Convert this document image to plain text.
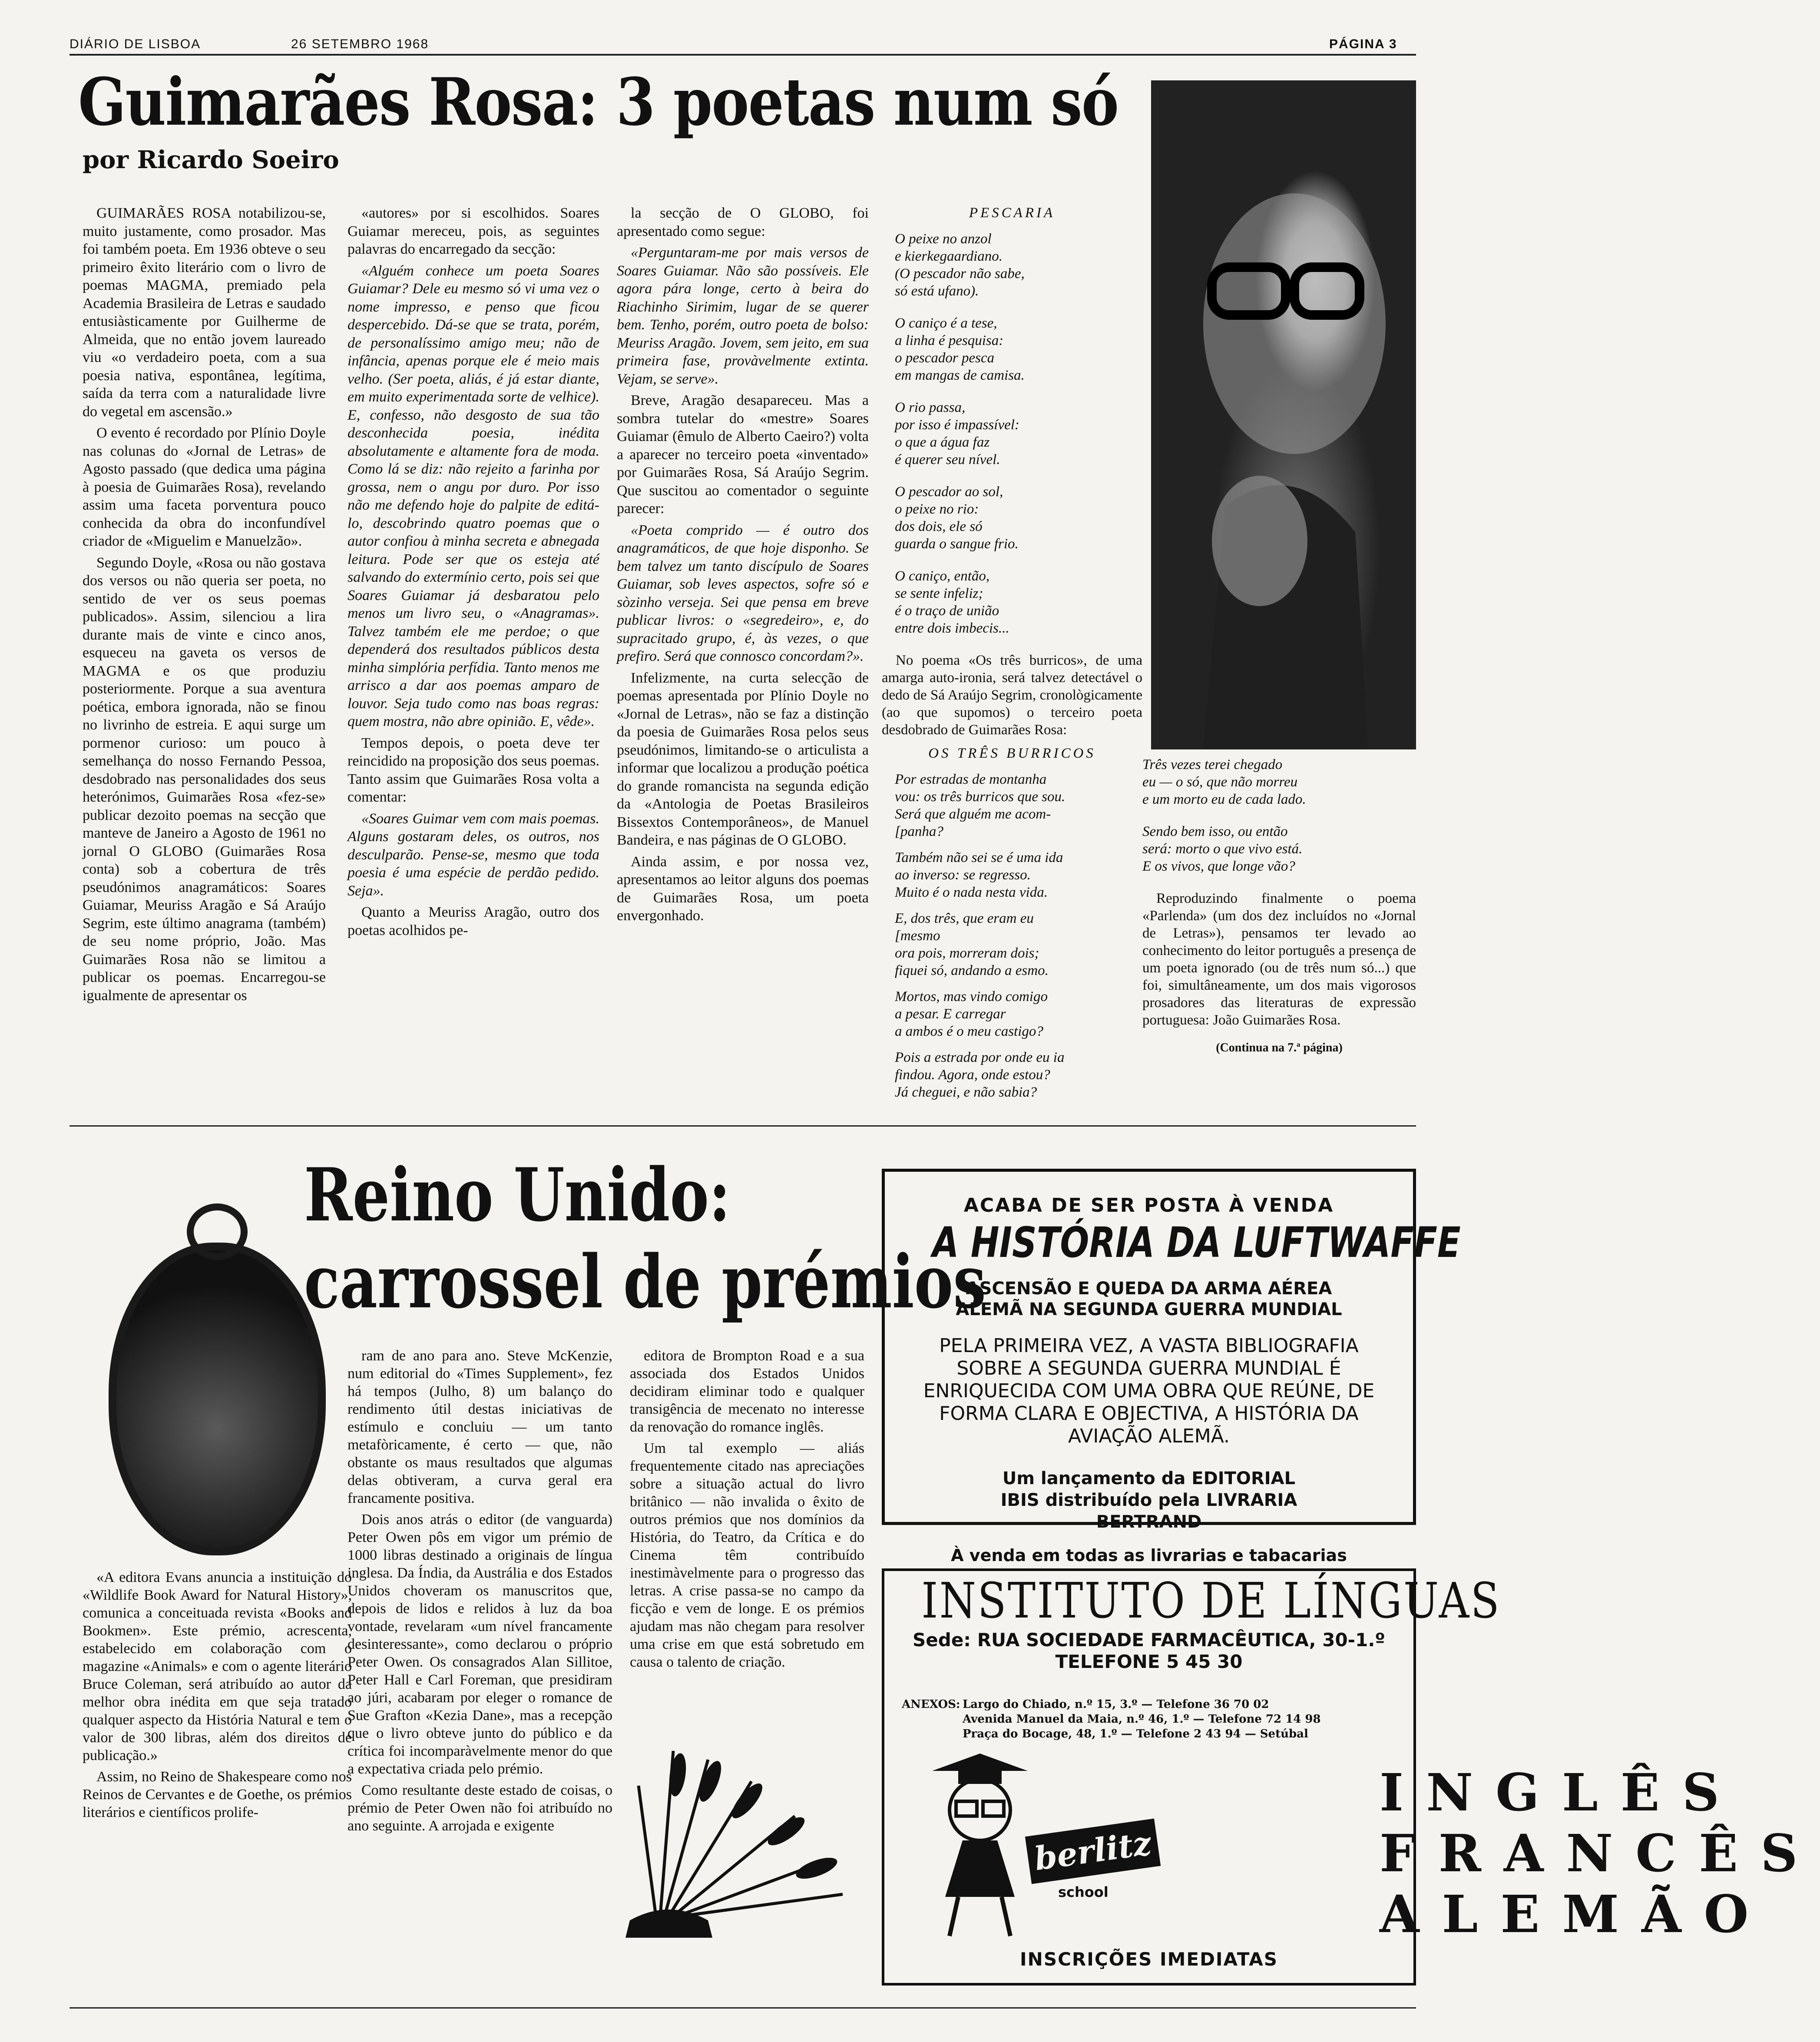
DIÁRIO DE LISBOA	26 SETEMBRO 1968	PÁGINA 3
Guimarães Rosa: 3 poetas num só
por Ricardo Soeiro

GUIMARÃES ROSA notabilizou-se, muito justamente, como prosador. Mas foi também poeta. Em 1936 obteve o seu primeiro êxito literário com o livro de poemas MAGMA, premiado pela Academia Brasileira de Letras e saudado entusiàsticamente por Guilherme de Almeida, que no então jovem laureado viu «o verdadeiro poeta, com a sua poesia nativa, espontânea, legítima, saída da terra com a naturalidade livre do vegetal em ascensão.»

O evento é recordado por Plínio Doyle nas colunas do «Jornal de Letras» de Agosto passado (que dedica uma página à poesia de Guimarães Rosa), revelando assim uma faceta porventura pouco conhecida da obra do inconfundível criador de «Miguelim e Manuelzão».

Segundo Doyle, «Rosa ou não gostava dos versos ou não queria ser poeta, no sentido de ver os seus poemas publicados». Assim, silenciou a lira durante mais de vinte e cinco anos, esqueceu na gaveta os versos de MAGMA e os que produziu posteriormente. Porque a sua aventura poética, embora ignorada, não se finou no livrinho de estreia. E aqui surge um pormenor curioso: um pouco à semelhança do nosso Fernando Pessoa, desdobrado nas personalidades dos seus heterónimos, Guimarães Rosa «fez-se» publicar dezoito poemas na secção que manteve de Janeiro a Agosto de 1961 no jornal O GLOBO (Guimarães Rosa conta) sob a cobertura de três pseudónimos anagramáticos: Soares Guiamar, Meuriss Aragão e Sá Araújo Segrim, este último anagrama (também) de seu nome próprio, João. Mas Guimarães Rosa não se limitou a publicar os poemas. Encarregou-se igualmente de apresentar os

«autores» por si escolhidos. Soares Guiamar mereceu, pois, as seguintes palavras do encarregado da secção:

«Alguém conhece um poeta Soares Guiamar? Dele eu mesmo só vi uma vez o nome impresso, e penso que ficou despercebido. Dá-se que se trata, porém, de personalíssimo amigo meu; não de infância, apenas porque ele é meio mais velho. (Ser poeta, aliás, é já estar diante, em muito experimentada sorte de velhice). E, confesso, não desgosto de sua tão desconhecida poesia, inédita absolutamente e altamente fora de moda. Como lá se diz: não rejeito a farinha por grossa, nem o angu por duro. Por isso não me defendo hoje do palpite de editá-lo, descobrindo quatro poemas que o autor confiou à minha secreta e abnegada leitura. Pode ser que os esteja até salvando do extermínio certo, pois sei que Soares Guiamar já desbaratou pelo menos um livro seu, o «Anagramas». Talvez também ele me perdoe; o que dependerá dos resultados públicos desta minha simplória perfídia. Tanto menos me arrisco a dar aos poemas amparo de louvor. Seja tudo como nas boas regras: quem mostra, não abre opinião. E, vêde».

Tempos depois, o poeta deve ter reincidido na proposição dos seus poemas. Tanto assim que Guimarães Rosa volta a comentar:

«Soares Guimar vem com mais poemas. Alguns gostaram deles, os outros, nos desculparão. Pense-se, mesmo que toda poesia é uma espécie de perdão pedido. Seja».

Quanto a Meuriss Aragão, outro dos poetas acolhidos pe-

la secção de O GLOBO, foi apresentado como segue:

«Perguntaram-me por mais versos de Soares Guiamar. Não são possíveis. Ele agora pára longe, certo à beira do Riachinho Sirimim, lugar de se querer bem. Tenho, porém, outro poeta de bolso: Meuriss Aragão. Jovem, sem jeito, em sua primeira fase, provàvelmente extinta. Vejam, se serve».

Breve, Aragão desapareceu. Mas a sombra tutelar do «mestre» Soares Guiamar (êmulo de Alberto Caeiro?) volta a aparecer no terceiro poeta «inventado» por Guimarães Rosa, Sá Araújo Segrim. Que suscitou ao comentador o seguinte parecer:

«Poeta comprido — é outro dos anagramáticos, de que hoje disponho. Se bem talvez um tanto discípulo de Soares Guiamar, sob leves aspectos, sofre só e sòzinho verseja. Sei que pensa em breve publicar livros: o «segredeiro», e, do supracitado grupo, é, às vezes, o que prefiro. Será que connosco concordam?».

Infelizmente, na curta selecção de poemas apresentada por Plínio Doyle no «Jornal de Letras», não se faz a distinção da poesia de Guimarães Rosa pelos seus pseudónimos, limitando-se o articulista a informar que localizou a produção poética do grande romancista na segunda edição da «Antologia de Poetas Brasileiros Bissextos Contemporâneos», de Manuel Bandeira, e nas páginas de O GLOBO.

Ainda assim, e por nossa vez, apresentamos ao leitor alguns dos poemas de Guimarães Rosa, um poeta envergonhado.

PESCARIA

O peixe no anzol
e kierkegaardiano.
(O pescador não sabe,
só está ufano).

O caniço é a tese,
a linha é pesquisa:
o pescador pesca
em mangas de camisa.

O rio passa,
por isso é impassível:
o que a água faz
é querer seu nível.

O pescador ao sol,
o peixe no rio:
dos dois, ele só
guarda o sangue frio.

O caniço, então,
se sente infeliz;
é o traço de união
entre dois imbecis...

No poema «Os três burricos», de uma amarga auto-ironia, será talvez detectável o dedo de Sá Araújo Segrim, cronològicamente (ao que supomos) o terceiro poeta desdobrado de Guimarães Rosa:

OS TRÊS BURRICOS

Por estradas de montanha
vou: os três burricos que sou.
Será que alguém me acom-
[panha?

Também não sei se é uma ida
ao inverso: se regresso.
Muito é o nada nesta vida.

E, dos três, que eram eu
[mesmo
ora pois, morreram dois;
fiquei só, andando a esmo.

Mortos, mas vindo comigo
a pesar. E carregar
a ambos é o meu castigo?

Pois a estrada por onde eu ia
findou. Agora, onde estou?
Já cheguei, e não sabia?

Três vezes terei chegado
eu — o só, que não morreu
e um morto eu de cada lado.

Sendo bem isso, ou então
será: morto o que vivo está.
E os vivos, que longe vão?

Reproduzindo finalmente o poema «Parlenda» (um dos dez incluídos no «Jornal de Letras»), pensamos ter levado ao conhecimento do leitor português a presença de um poeta ignorado (ou de três num só...) que foi, simultâneamente, um dos mais vigorosos prosadores das literaturas de expressão portuguesa: João Guimarães Rosa.

(Continua na 7.ª página)

Reino Unido:
carrossel de prémios

«A editora Evans anuncia a instituição do «Wildlife Book Award for Natural History», comunica a conceituada revista «Books and Bookmen». Este prémio, acrescenta, estabelecido em colaboração com o magazine «Animals» e com o agente literário Bruce Coleman, será atribuído ao autor da melhor obra inédita em que seja tratado qualquer aspecto da História Natural e tem o valor de 300 libras, além dos direitos de publicação.»

Assim, no Reino de Shakespeare como nos Reinos de Cervantes e de Goethe, os prémios literários e científicos prolife-

ram de ano para ano. Steve McKenzie, num editorial do «Times Supplement», fez há tempos (Julho, 8) um balanço do rendimento útil destas iniciativas de estímulo e concluiu — um tanto metafòricamente, é certo — que, não obstante os maus resultados que algumas delas obtiveram, a curva geral era francamente positiva.

Dois anos atrás o editor (de vanguarda) Peter Owen pôs em vigor um prémio de 1000 libras destinado a originais de língua inglesa. Da Índia, da Austrália e dos Estados Unidos choveram os manuscritos que, depois de lidos e relidos à luz da boa vontade, revelaram «um nível francamente desinteressante», como declarou o próprio Peter Owen. Os consagrados Alan Sillitoe, Peter Hall e Carl Foreman, que presidiram ao júri, acabaram por eleger o romance de Sue Grafton «Kezia Dane», mas a recepção que o livro obteve junto do público e da crítica foi incomparàvelmente menor do que a expectativa criada pelo prémio.

Como resultante deste estado de coisas, o prémio de Peter Owen não foi atribuído no ano seguinte. A arrojada e exigente

editora de Brompton Road e a sua associada dos Estados Unidos decidiram eliminar todo e qualquer transigência de mecenato no interesse da renovação do romance inglês.

Um tal exemplo — aliás frequentemente citado nas apreciações sobre a situação actual do livro britânico — não invalida o êxito de outros prémios que nos domínios da História, do Teatro, da Crítica e do Cinema têm contribuído inestimàvelmente para o progresso das letras. A crise passa-se no campo da ficção e vem de longe. E os prémios ajudam mas não chegam para resolver uma crise em que está sobretudo em causa o talento de criação.

ACABA DE SER POSTA À VENDA
A HISTÓRIA DA LUFTWAFFE
ASCENSÃO E QUEDA DA ARMA AÉREA ALEMÃ NA SEGUNDA GUERRA MUNDIAL
PELA PRIMEIRA VEZ, A VASTA BIBLIOGRAFIA SOBRE A SEGUNDA GUERRA MUNDIAL É ENRIQUECIDA COM UMA OBRA QUE REÚNE, DE FORMA CLARA E OBJECTIVA, A HISTÓRIA DA AVIAÇÃO ALEMÃ.
Um lançamento da EDITORIAL IBIS distribuído pela LIVRARIA BERTRAND
À venda em todas as livrarias e tabacarias
INSTITUTO DE LÍNGUAS
Sede: RUA SOCIEDADE FARMACÊUTICA, 30-1.º
TELEFONE 5 45 30
ANEXOS: Largo do Chiado, n.º 15, 3.º — Telefone 36 70 02
Avenida Manuel da Maia, n.º 46, 1.º — Telefone 72 14 98
Praça do Bocage, 48, 1.º — Telefone 2 43 94 — Setúbal
berlitz
school
INGLÊS
FRANCÊS
ALEMÃO
INSCRIÇÕES IMEDIATAS
